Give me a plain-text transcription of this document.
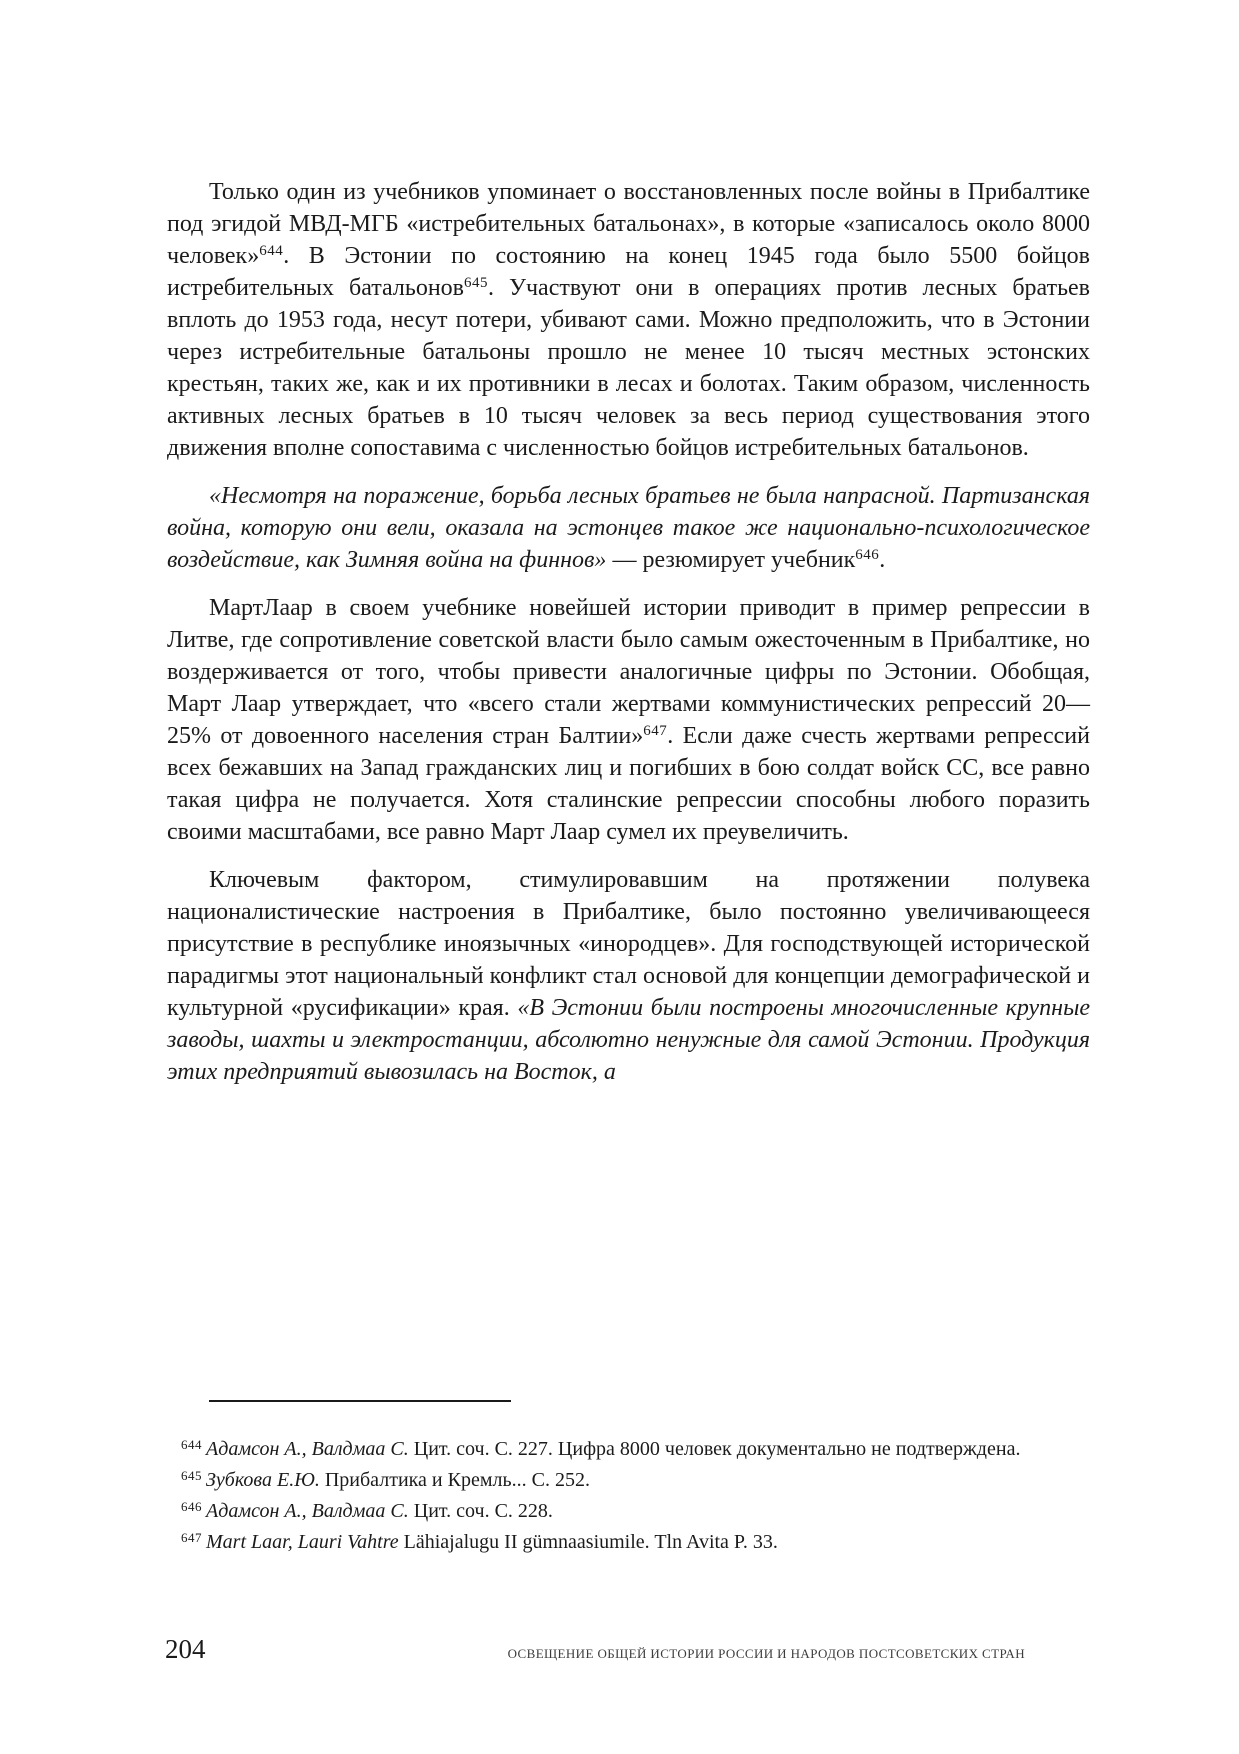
Только один из учебников упоминает о восстановленных после войны в Прибалтике под эгидой МВД-МГБ «истребительных батальонах», в которые «записалось около 8000 человек»$^{644}$. В Эстонии по состоянию на конец 1945 года было 5500 бойцов истребительных батальонов$^{645}$. Участвуют они в операциях против лесных братьев вплоть до 1953 года, несут потери, убивают сами. Можно предположить, что в Эстонии через истребительные батальоны прошло не менее 10 тысяч местных эстонских крестьян, таких же, как и их противники в лесах и болотах. Таким образом, численность активных лесных братьев в 10 тысяч человек за весь период существования этого движения вполне сопоставима с численностью бойцов истребительных батальонов.

«Несмотря на поражение, борьба лесных братьев не была напрасной. Партизанская война, которую они вели, оказала на эстонцев такое же национально-психологическое воздействие, как Зимняя война на финнов» — резюмирует учебник$^{646}$.

МартЛаар в своем учебнике новейшей истории приводит в пример репрессии в Литве, где сопротивление советской власти было самым ожесточенным в Прибалтике, но воздерживается от того, чтобы привести аналогичные цифры по Эстонии. Обобщая, Март Лаар утверждает, что «всего стали жертвами коммунистических репрессий 20—25% от довоенного населения стран Балтии»$^{647}$. Если даже счесть жертвами репрессий всех бежавших на Запад гражданских лиц и погибших в бою солдат войск СС, все равно такая цифра не получается. Хотя сталинские репрессии способны любого поразить своими масштабами, все равно Март Лаар сумел их преувеличить.

Ключевым фактором, стимулировавшим на протяжении полувека националистические настроения в Прибалтике, было постоянно увеличивающееся присутствие в республике иноязычных «инородцев». Для господствующей исторической парадигмы этот национальный конфликт стал основой для концепции демографической и культурной «русификации» края. «В Эстонии были построены многочисленные крупные заводы, шахты и электростанции, абсолютно ненужные для самой Эстонии. Продукция этих предприятий вывозилась на Восток, а

$^{644}$ Адамсон А., Валдмаа С. Цит. соч. С. 227. Цифра 8000 человек документально не подтверждена.

$^{645}$ Зубкова Е.Ю. Прибалтика и Кремль... С. 252.

$^{646}$ Адамсон А., Валдмаа С. Цит. соч. С. 228.

$^{647}$ Mart Laar, Lauri Vahtre Lähiajalugu II gümnaasiumile. Tln Avita P. 33.

204	ОСВЕЩЕНИЕ ОБЩЕЙ ИСТОРИИ РОССИИ И НАРОДОВ ПОСТСОВЕТСКИХ СТРАН
